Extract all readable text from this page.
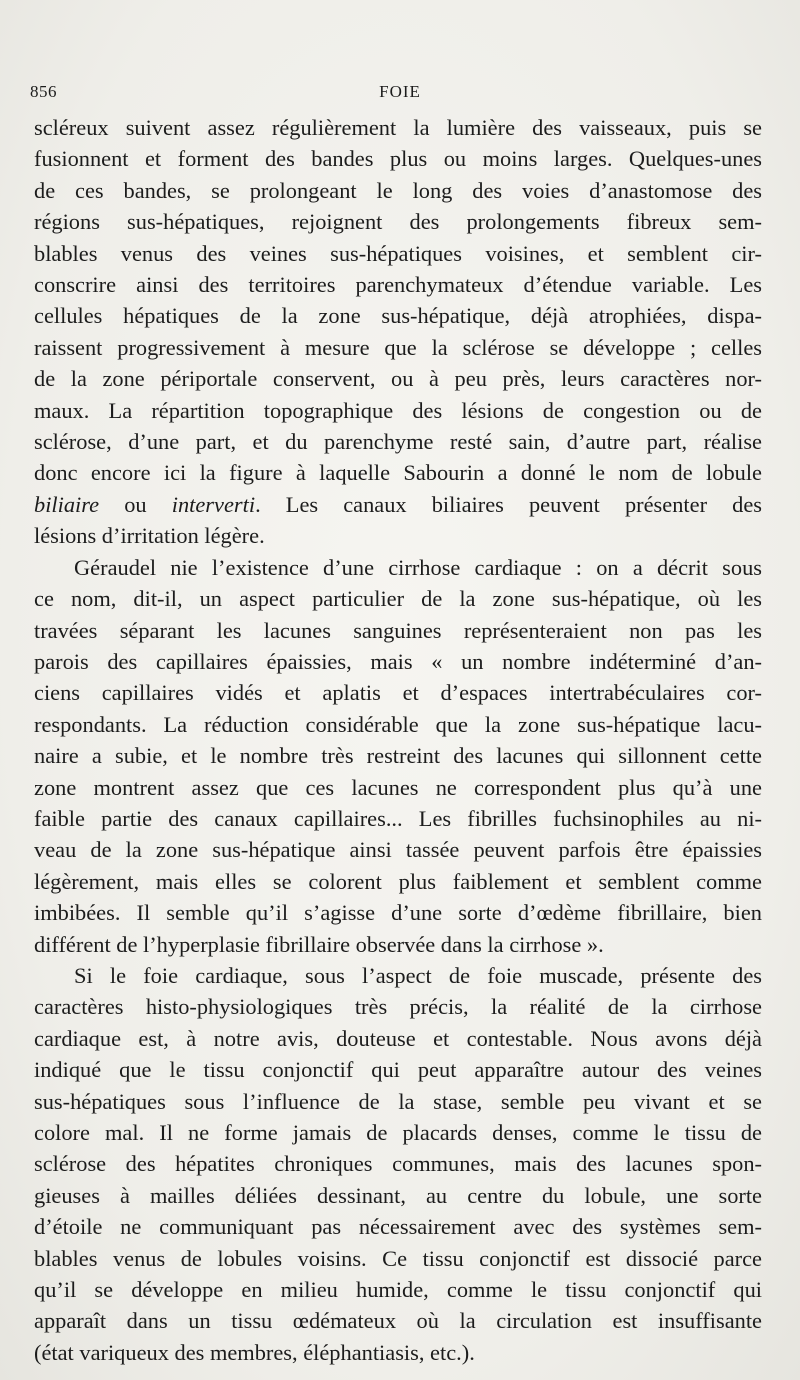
856	FOIE
scléreux suivent assez régulièrement la lumière des vaisseaux, puis se
fusionnent et forment des bandes plus ou moins larges. Quelques-unes
de ces bandes, se prolongeant le long des voies d’anastomose des
régions sus-hépatiques, rejoignent des prolongements fibreux sem-
blables venus des veines sus-hépatiques voisines, et semblent cir-
conscrire ainsi des territoires parenchymateux d’étendue variable. Les
cellules hépatiques de la zone sus-hépatique, déjà atrophiées, dispa-
raissent progressivement à mesure que la sclérose se développe ; celles
de la zone périportale conservent, ou à peu près, leurs caractères nor-
maux. La répartition topographique des lésions de congestion ou de
sclérose, d’une part, et du parenchyme resté sain, d’autre part, réalise
donc encore ici la figure à laquelle Sabourin a donné le nom de lobule
biliaire ou interverti. Les canaux biliaires peuvent présenter des
lésions d’irritation légère.
Géraudel nie l’existence d’une cirrhose cardiaque : on a décrit sous
ce nom, dit-il, un aspect particulier de la zone sus-hépatique, où les
travées séparant les lacunes sanguines représenteraient non pas les
parois des capillaires épaissies, mais « un nombre indéterminé d’an-
ciens capillaires vidés et aplatis et d’espaces intertrabéculaires cor-
respondants. La réduction considérable que la zone sus-hépatique lacu-
naire a subie, et le nombre très restreint des lacunes qui sillonnent cette
zone montrent assez que ces lacunes ne correspondent plus qu’à une
faible partie des canaux capillaires... Les fibrilles fuchsinophiles au ni-
veau de la zone sus-hépatique ainsi tassée peuvent parfois être épaissies
légèrement, mais elles se colorent plus faiblement et semblent comme
imbibées. Il semble qu’il s’agisse d’une sorte d’œdème fibrillaire, bien
différent de l’hyperplasie fibrillaire observée dans la cirrhose ».
Si le foie cardiaque, sous l’aspect de foie muscade, présente des
caractères histo-physiologiques très précis, la réalité de la cirrhose
cardiaque est, à notre avis, douteuse et contestable. Nous avons déjà
indiqué que le tissu conjonctif qui peut apparaître autour des veines
sus-hépatiques sous l’influence de la stase, semble peu vivant et se
colore mal. Il ne forme jamais de placards denses, comme le tissu de
sclérose des hépatites chroniques communes, mais des lacunes spon-
gieuses à mailles déliées dessinant, au centre du lobule, une sorte
d’étoile ne communiquant pas nécessairement avec des systèmes sem-
blables venus de lobules voisins. Ce tissu conjonctif est dissocié parce
qu’il se développe en milieu humide, comme le tissu conjonctif qui
apparaît dans un tissu œdémateux où la circulation est insuffisante
(état variqueux des membres, éléphantiasis, etc.).
